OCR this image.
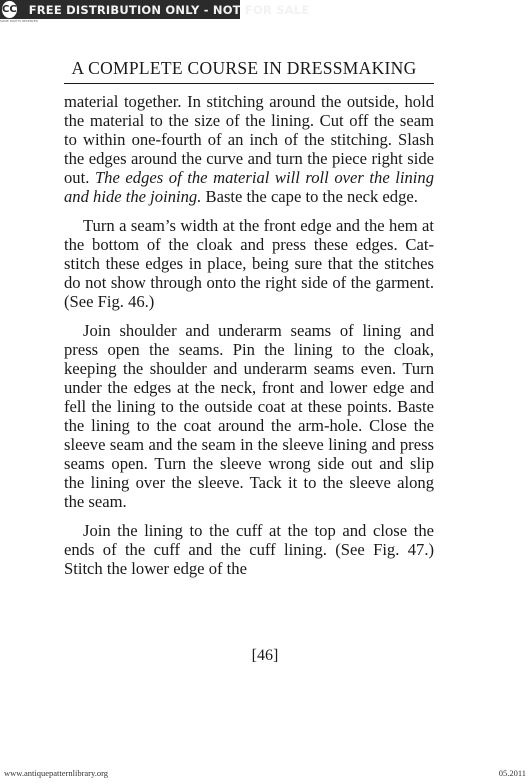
CC FREE DISTRIBUTION ONLY - NOT FOR SALE
SOME RIGHTS RESERVED
A COMPLETE COURSE IN DRESSMAKING

material together. In stitching around the outside, hold the material to the size of the lining. Cut off the seam to within one-fourth of an inch of the stitching. Slash the edges around the curve and turn the piece right side out. The edges of the material will roll over the lining and hide the joining. Baste the cape to the neck edge.

Turn a seam’s width at the front edge and the hem at the bottom of the cloak and press these edges. Cat-stitch these edges in place, being sure that the stitches do not show through onto the right side of the garment. (See Fig. 46.)

Join shoulder and underarm seams of lining and press open the seams. Pin the lining to the cloak, keeping the shoulder and underarm seams even. Turn under the edges at the neck, front and lower edge and fell the lining to the outside coat at these points. Baste the lining to the coat around the arm-hole. Close the sleeve seam and the seam in the sleeve lining and press seams open. Turn the sleeve wrong side out and slip the lining over the sleeve. Tack it to the sleeve along the seam.

Join the lining to the cuff at the top and close the ends of the cuff and the cuff lining. (See Fig. 47.) Stitch the lower edge of the

[46]
www.antiquepatternlibrary.org	05.2011
